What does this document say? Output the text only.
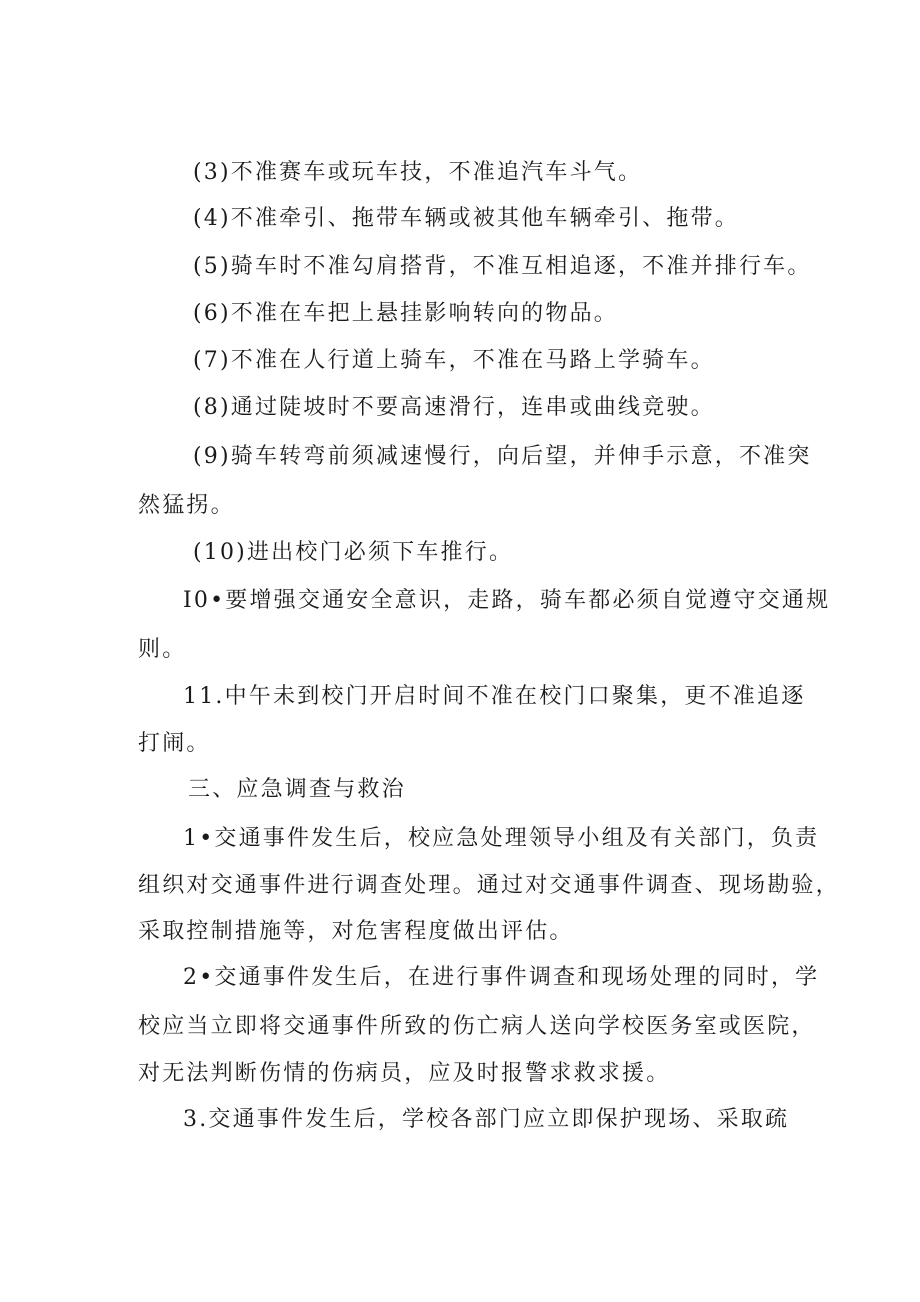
(3)不准赛车或玩车技，不准追汽车斗气。
(4)不准牵引、拖带车辆或被其他车辆牵引、拖带。
(5)骑车时不准勾肩搭背，不准互相追逐，不准并排行车。
(6)不准在车把上悬挂影响转向的物品。
(7)不准在人行道上骑车，不准在马路上学骑车。
(8)通过陡坡时不要高速滑行，连串或曲线竞驶。
(9)骑车转弯前须减速慢行，向后望，并伸手示意，不准突
然猛拐。
(10)进出校门必须下车推行。
I0•要增强交通安全意识，走路，骑车都必须自觉遵守交通规
则。
11.中午未到校门开启时间不准在校门口聚集，更不准追逐
打闹。
三、应急调查与救治
1•交通事件发生后，校应急处理领导小组及有关部门，负责
组织对交通事件进行调查处理。通过对交通事件调查、现场勘验，
采取控制措施等，对危害程度做出评估。
2•交通事件发生后，在进行事件调查和现场处理的同时，学
校应当立即将交通事件所致的伤亡病人送向学校医务室或医院，
对无法判断伤情的伤病员，应及时报警求救求援。
3.交通事件发生后，学校各部门应立即保护现场、采取疏
